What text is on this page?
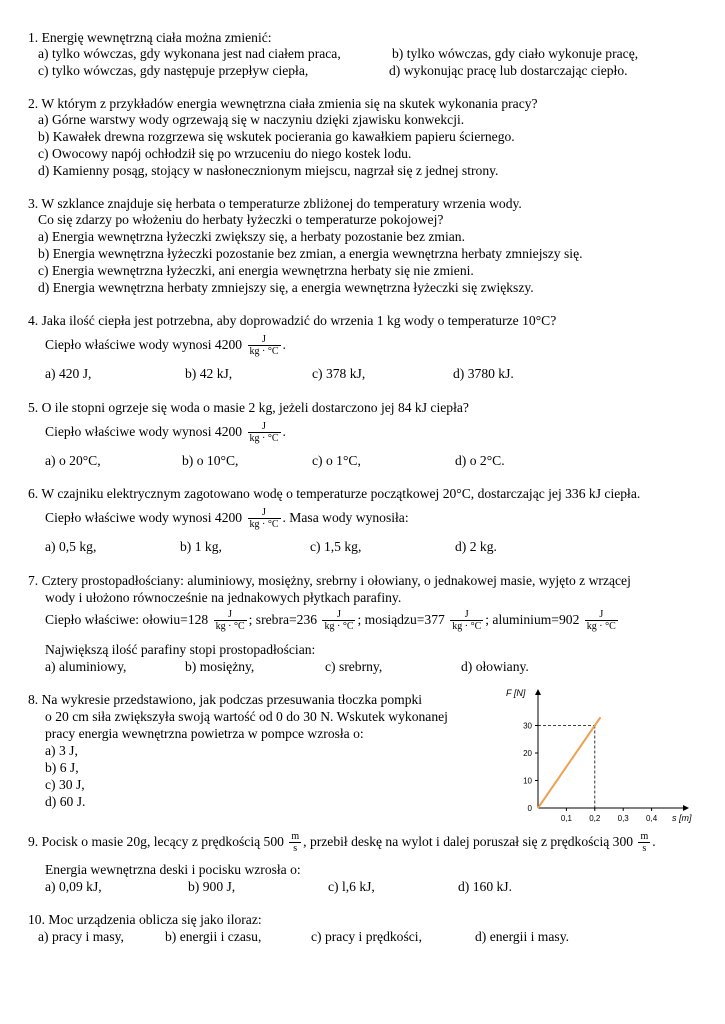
1. Energię wewnętrzną ciała można zmienić:
a) tylko wówczas, gdy wykonana jest nad ciałem praca,	b) tylko wówczas, gdy ciało wykonuje pracę,
c) tylko wówczas, gdy następuje przepływ ciepła,	d) wykonując pracę lub dostarczając ciepło.
2. W którym z przykładów energia wewnętrzna ciała zmienia się na skutek wykonania pracy?
a) Górne warstwy wody ogrzewają się w naczyniu dzięki zjawisku konwekcji.
b) Kawałek drewna rozgrzewa się wskutek pocierania go kawałkiem papieru ściernego.
c) Owocowy napój ochłodził się po wrzuceniu do niego kostek lodu.
d) Kamienny posąg, stojący w nasłonecznionym miejscu, nagrzał się z jednej strony.
3. W szklance znajduje się herbata o temperaturze zbliżonej do temperatury wrzenia wody.
Co się zdarzy po włożeniu do herbaty łyżeczki o temperaturze pokojowej?
a) Energia wewnętrzna łyżeczki zwiększy się, a herbaty pozostanie bez zmian.
b) Energia wewnętrzna łyżeczki pozostanie bez zmian, a energia wewnętrzna herbaty zmniejszy się.
c) Energia wewnętrzna łyżeczki, ani energia wewnętrzna herbaty się nie zmieni.
d) Energia wewnętrzna herbaty zmniejszy się, a energia wewnętrzna łyżeczki się zwiększy.
4. Jaka ilość ciepła jest potrzebna, aby doprowadzić do wrzenia 1 kg wody o temperaturze 10°C?
Ciepło właściwe wody wynosi $4200 \frac{J}{kg \cdot ^\circ C}$ .
a) 420 J,	b) 42 kJ,	c) 378 kJ,	d) 3780 kJ.
5. O ile stopni ogrzeje się woda o masie 2 kg, jeżeli dostarczono jej 84 kJ ciepła?
Ciepło właściwe wody wynosi $4200 \frac{J}{kg \cdot ^\circ C}$ .
a) o 20°C,	b) o 10°C,	c) o 1°C,	d) o 2°C.
6. W czajniku elektrycznym zagotowano wodę o temperaturze początkowej 20°C, dostarczając jej 336 kJ ciepła.
Ciepło właściwe wody wynosi $4200 \frac{J}{kg \cdot ^\circ C}$ . Masa wody wynosiła:
a) 0,5 kg,	b) 1 kg,	c) 1,5 kg,	d) 2 kg.
7. Cztery prostopadłościany: aluminiowy, mosiężny, srebrny i ołowiany, o jednakowej masie, wyjęto z wrzącej
wody i ułożono równocześnie na jednakowych płytkach parafiny.
Ciepło właściwe: ołowiu=128 $\frac{J}{kg \cdot ^\circ C}$ ; srebra=236 $\frac{J}{kg \cdot ^\circ C}$ ; mosiądzu=377 $\frac{J}{kg \cdot ^\circ C}$ ; aluminium=902 $\frac{J}{kg \cdot ^\circ C}$
Największą ilość parafiny stopi prostopadłościan:
a) aluminiowy,	b) mosiężny,	c) srebrny,	d) ołowiany.
8. Na wykresie przedstawiono, jak podczas przesuwania tłoczka pompki
o 20 cm siła zwiększyła swoją wartość od 0 do 30 N. Wskutek wykonanej
pracy energia wewnętrzna powietrza w pompce wzrosła o:
a) 3 J,
b) 6 J,
c) 30 J,
d) 60 J.
0,1 0,2 0,3 0,4
0
10
20
30
F [N]
s [m]
9. Pocisk o masie 20g, lecący z prędkością $500 \frac{m}{s}$ , przebił deskę na wylot i dalej poruszał się z prędkością $300 \frac{m}{s}$ .
Energia wewnętrzna deski i pocisku wzrosła o:
a) 0,09 kJ,	b) 900 J,	c) l,6 kJ,	d) 160 kJ.
10. Moc urządzenia oblicza się jako iloraz:
a) pracy i masy,	b) energii i czasu,	c) pracy i prędkości,	d) energii i masy.
